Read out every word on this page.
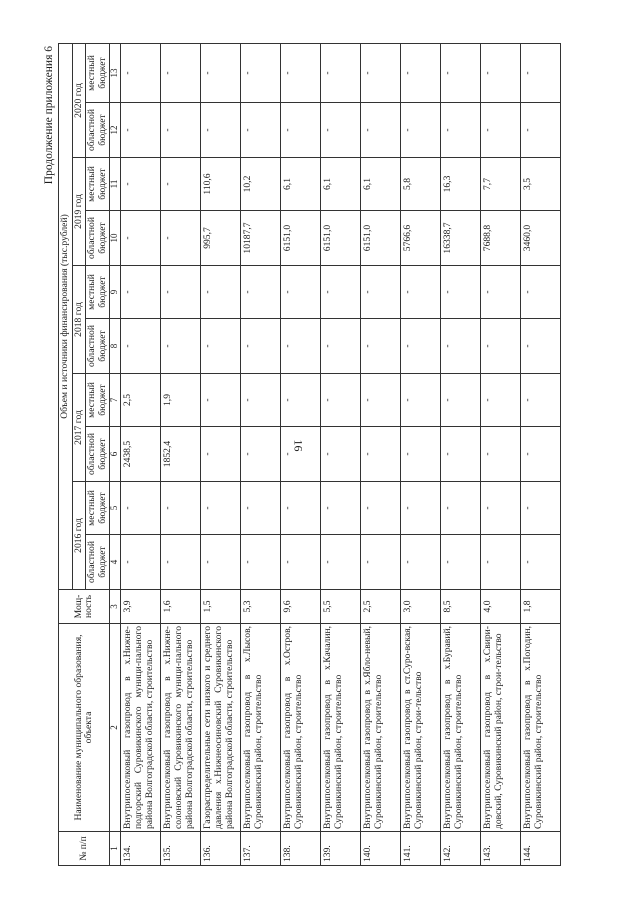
16
Продолжение приложения 6
№ п/п	Наименование муниципального образования, объекта	Мощ-ность	Объем и источники финансирования (тыс.рублей)									
			2016 год		2017 год		2018 год		2019 год		2020 год	
			областной бюджет	местный бюджет	областной бюджет	местный бюджет	областной бюджет	местный бюджет	областной бюджет	местный бюджет	областной бюджет	местный бюджет
1	2	3	4	5	6	7	8	9	10	11	12	13
134.	Внутрипоселковый газопровод в х.Нижне-подгорский Суровикинского муници-пального района Волгоградской области, строительство	3,9	-	-	2438,5	2,5	-	-	-	-	-	-
135.	Внутрипоселковый газопровод в х.Нижне-солоновский Суровикинского муници-пального района Волгоградской области, строительство	1,6	-	-	1852,4	1,9	-	-	-	-	-	-
136.	Газораспределительные сети низкого и среднего давления х.Нижнеосиновский Суровикинского района Волгоградской области, строительство	1,5	-	-	-	-	-	-	995,7	110,6	-	-
137.	Внутрипоселковый газопровод в х.Лысов, Суровикинский район, строительство	5,3	-	-	-	-	-	-	10187,7	10,2	-	-
138.	Внутрипоселковый газопровод в х.Остров, Суровикинский район, строительство	9,6	-	-	-	-	-	-	6151,0	6,1	-	-
139.	Внутрипоселковый газопровод в х.Качалин, Суровикинский район, строительство	5,5	-	-	-	-	-	-	6151,0	6,1	-	-
140.	Внутрипоселковый газопровод в х.Ябло-невый, Суровикинский район, строительство	2,5	-	-	-	-	-	-	6151,0	6,1	-	-
141.	Внутрипоселковый газопровод в ст.Суро-вская, Суровикинский район, строи-тельство	3,0	-	-	-	-	-	-	5766,6	5,8	-	-
142.	Внутрипоселковый газопровод в х.Буравий, Суровикинский район, строительство	8,5	-	-	-	-	-	-	16338,7	16,3	-	-
143.	Внутрипоселковый газопровод в х.Свири-довский, Суровикинский район, строи-тельство	4,0	-	-	-	-	-	-	7688,8	7,7	-	-
144.	Внутрипоселковый газопровод в х.Погодин, Суровикинский район, строительство	1,8	-	-	-	-	-	-	3460,0	3,5	-	-
